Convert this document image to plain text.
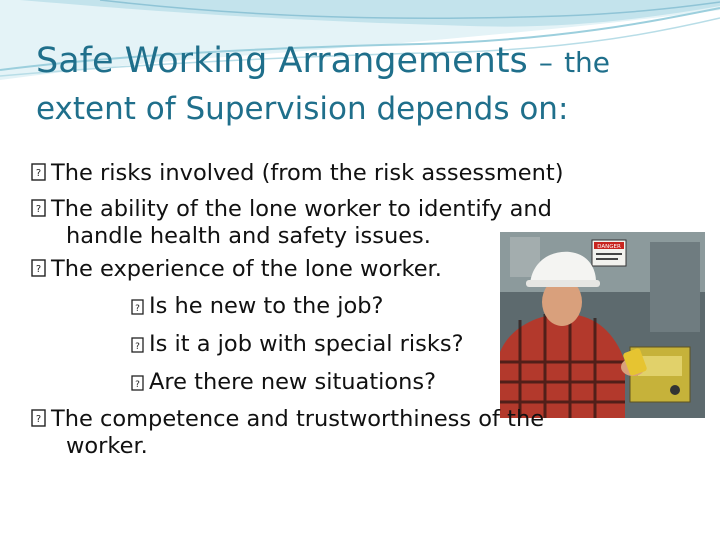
Safe Working Arrangements – the
extent of Supervision depends on:
DANGER
? The risks involved (from the risk assessment)
? The ability of the lone worker to identify and
handle health and safety issues.
? The experience of the lone worker.
? Is he new to the job?
? Is it a job with special risks?
? Are there new situations?
? The competence and trustworthiness of the
worker.
